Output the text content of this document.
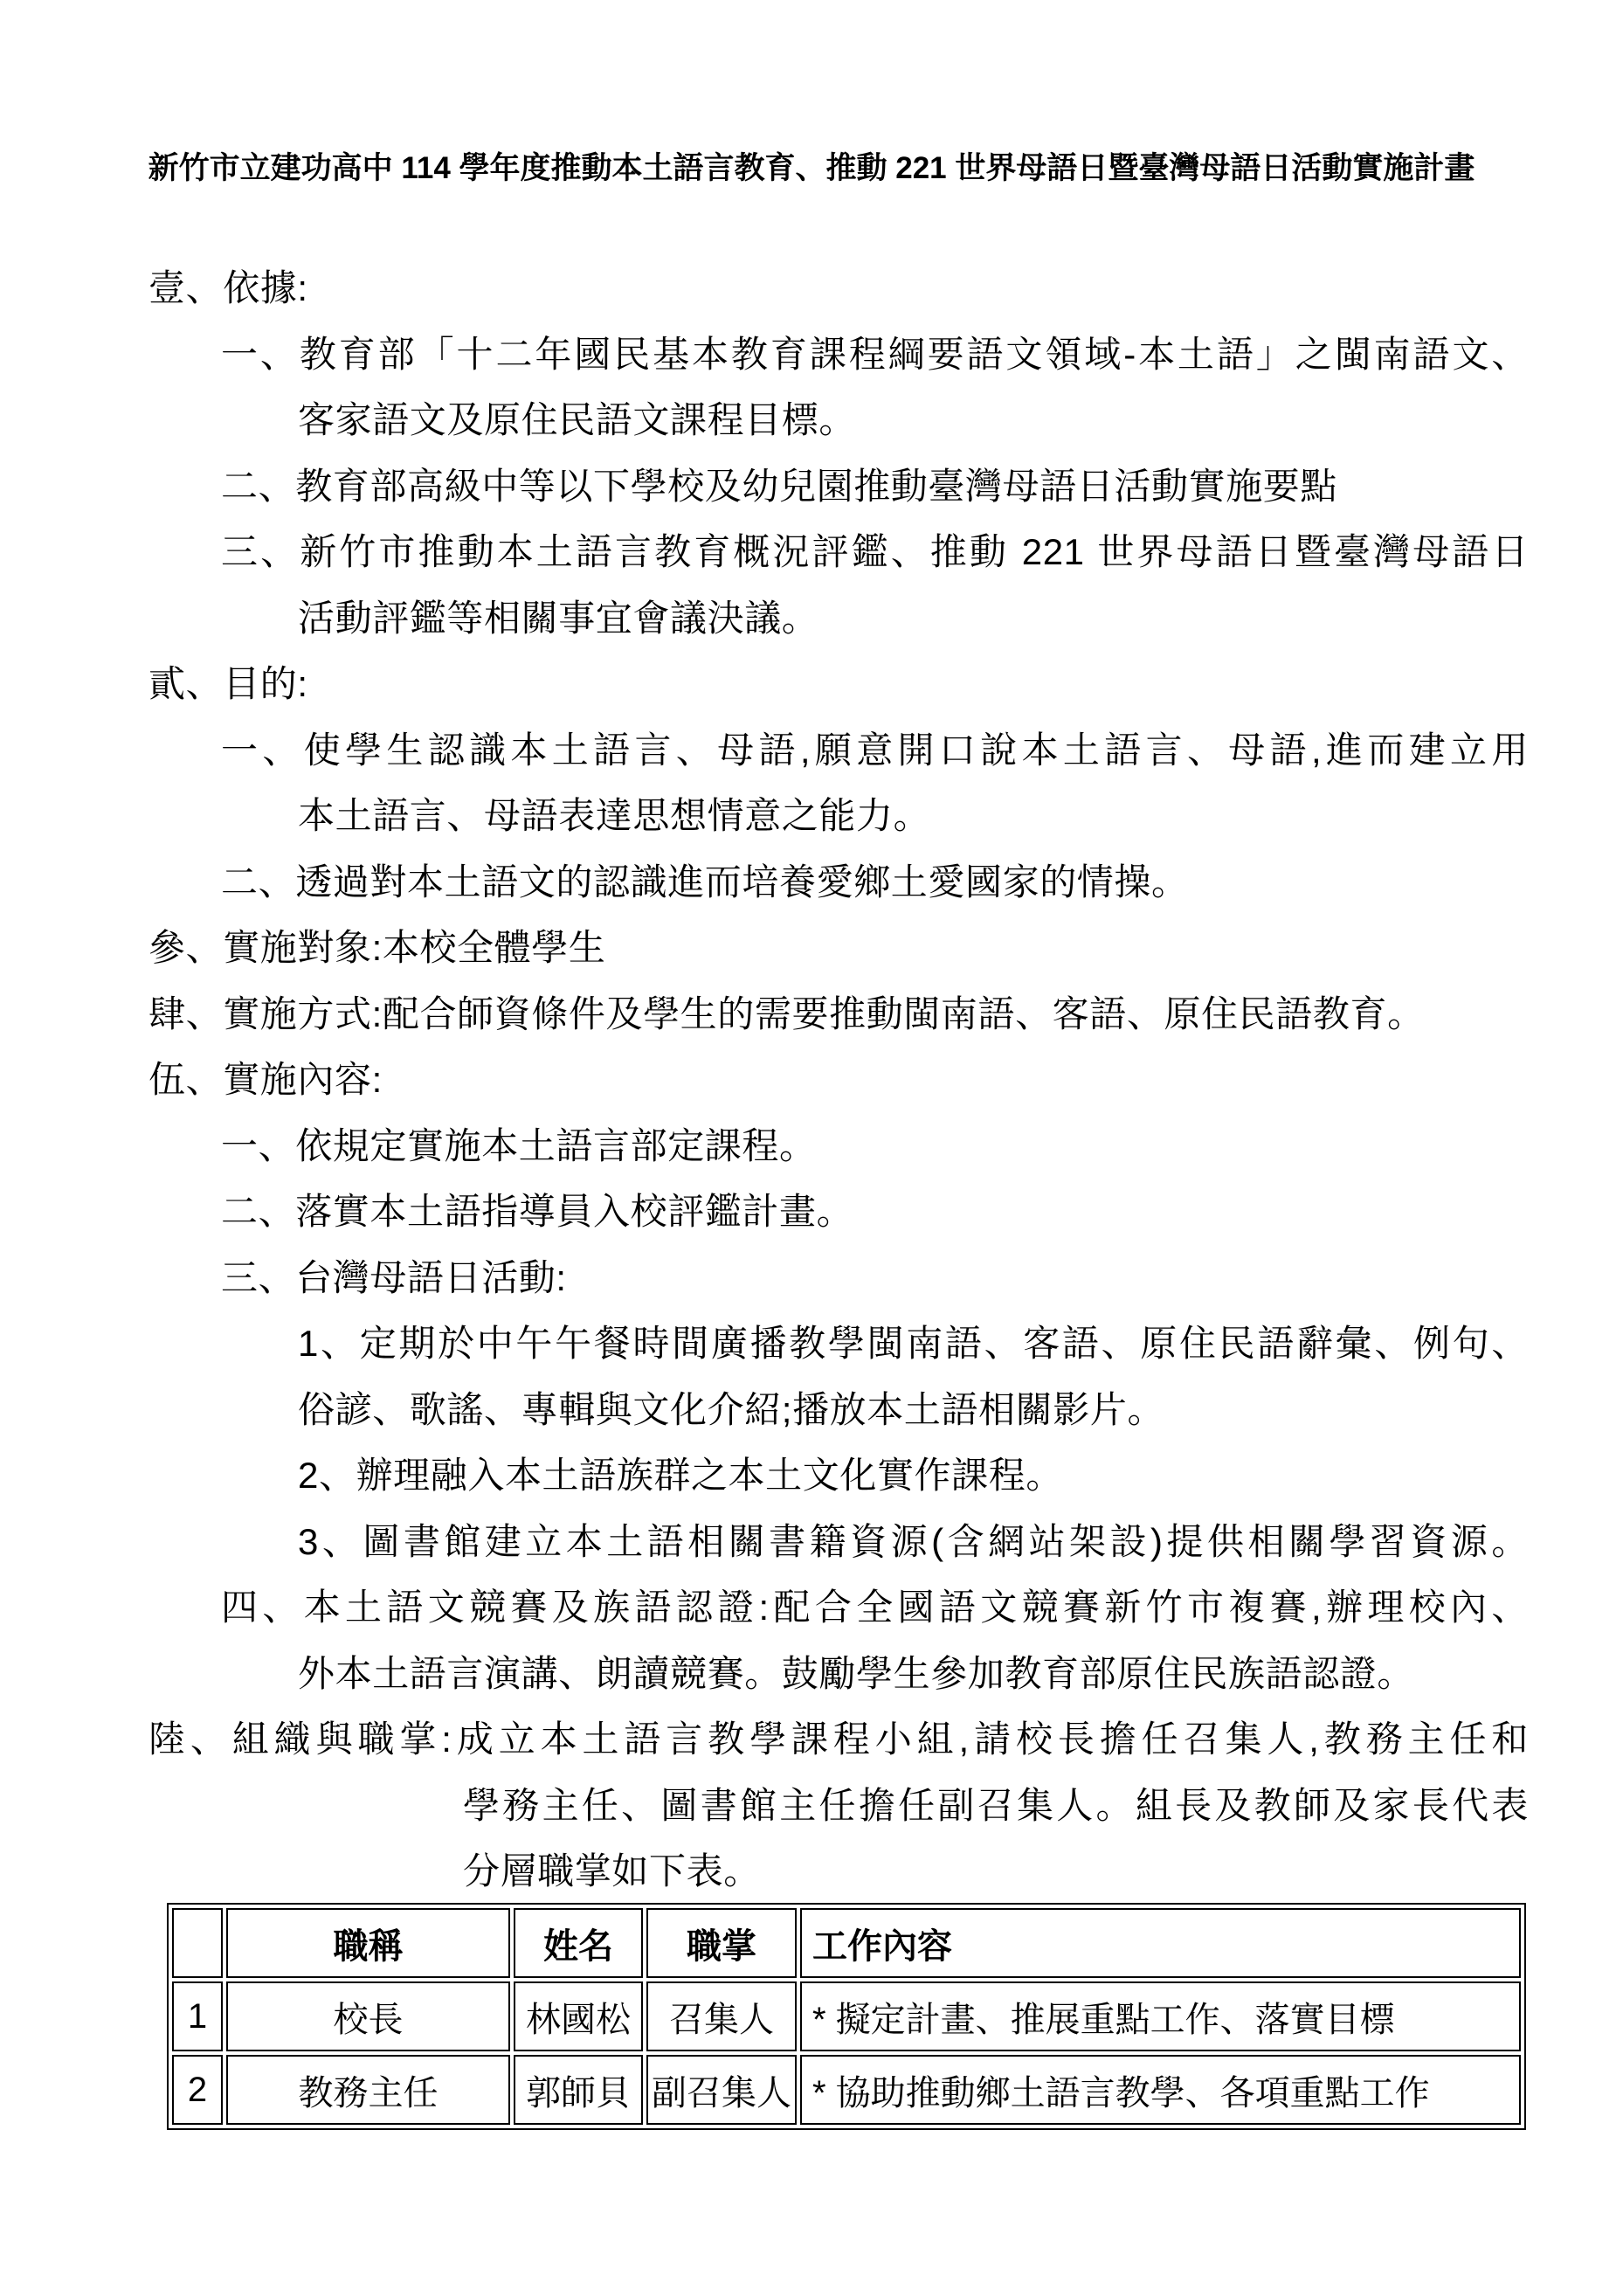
新竹市立建功高中 114 學年度推動本土語言教育、推動 221 世界母語日暨臺灣母語日活動實施計畫
壹、依據:
一、教育部「十二年國民基本教育課程綱要語文領域-本土語」之閩南語文、
客家語文及原住民語文課程目標。
二、教育部高級中等以下學校及幼兒園推動臺灣母語日活動實施要點
三、新竹市推動本土語言教育概況評鑑、推動 221 世界母語日暨臺灣母語日
活動評鑑等相關事宜會議決議。
貳、目的:
一、使學生認識本土語言、母語,願意開口說本土語言、母語,進而建立用
本土語言、母語表達思想情意之能力。
二、透過對本土語文的認識進而培養愛鄉土愛國家的情操。
參、實施對象:本校全體學生
肆、實施方式:配合師資條件及學生的需要推動閩南語、客語、原住民語教育。
伍、實施內容:
一、依規定實施本土語言部定課程。
二、落實本土語指導員入校評鑑計畫。
三、台灣母語日活動:
1、定期於中午午餐時間廣播教學閩南語、客語、原住民語辭彙、例句、
俗諺、歌謠、專輯與文化介紹;播放本土語相關影片。
2、辦理融入本土語族群之本土文化實作課程。
3、圖書館建立本土語相關書籍資源(含網站架設)提供相關學習資源。
四、本土語文競賽及族語認證:配合全國語文競賽新竹市複賽,辦理校內、
外本土語言演講、朗讀競賽。鼓勵學生參加教育部原住民族語認證。
陸、組織與職掌:成立本土語言教學課程小組,請校長擔任召集人,教務主任和
學務主任、圖書館主任擔任副召集人。組長及教師及家長代表
分層職掌如下表。
	職稱	姓名	職掌	工作內容
1	校長	林國松	召集人	* 擬定計畫、推展重點工作、落實目標
2	教務主任	郭師貝	副召集人	* 協助推動鄉土語言教學、各項重點工作
